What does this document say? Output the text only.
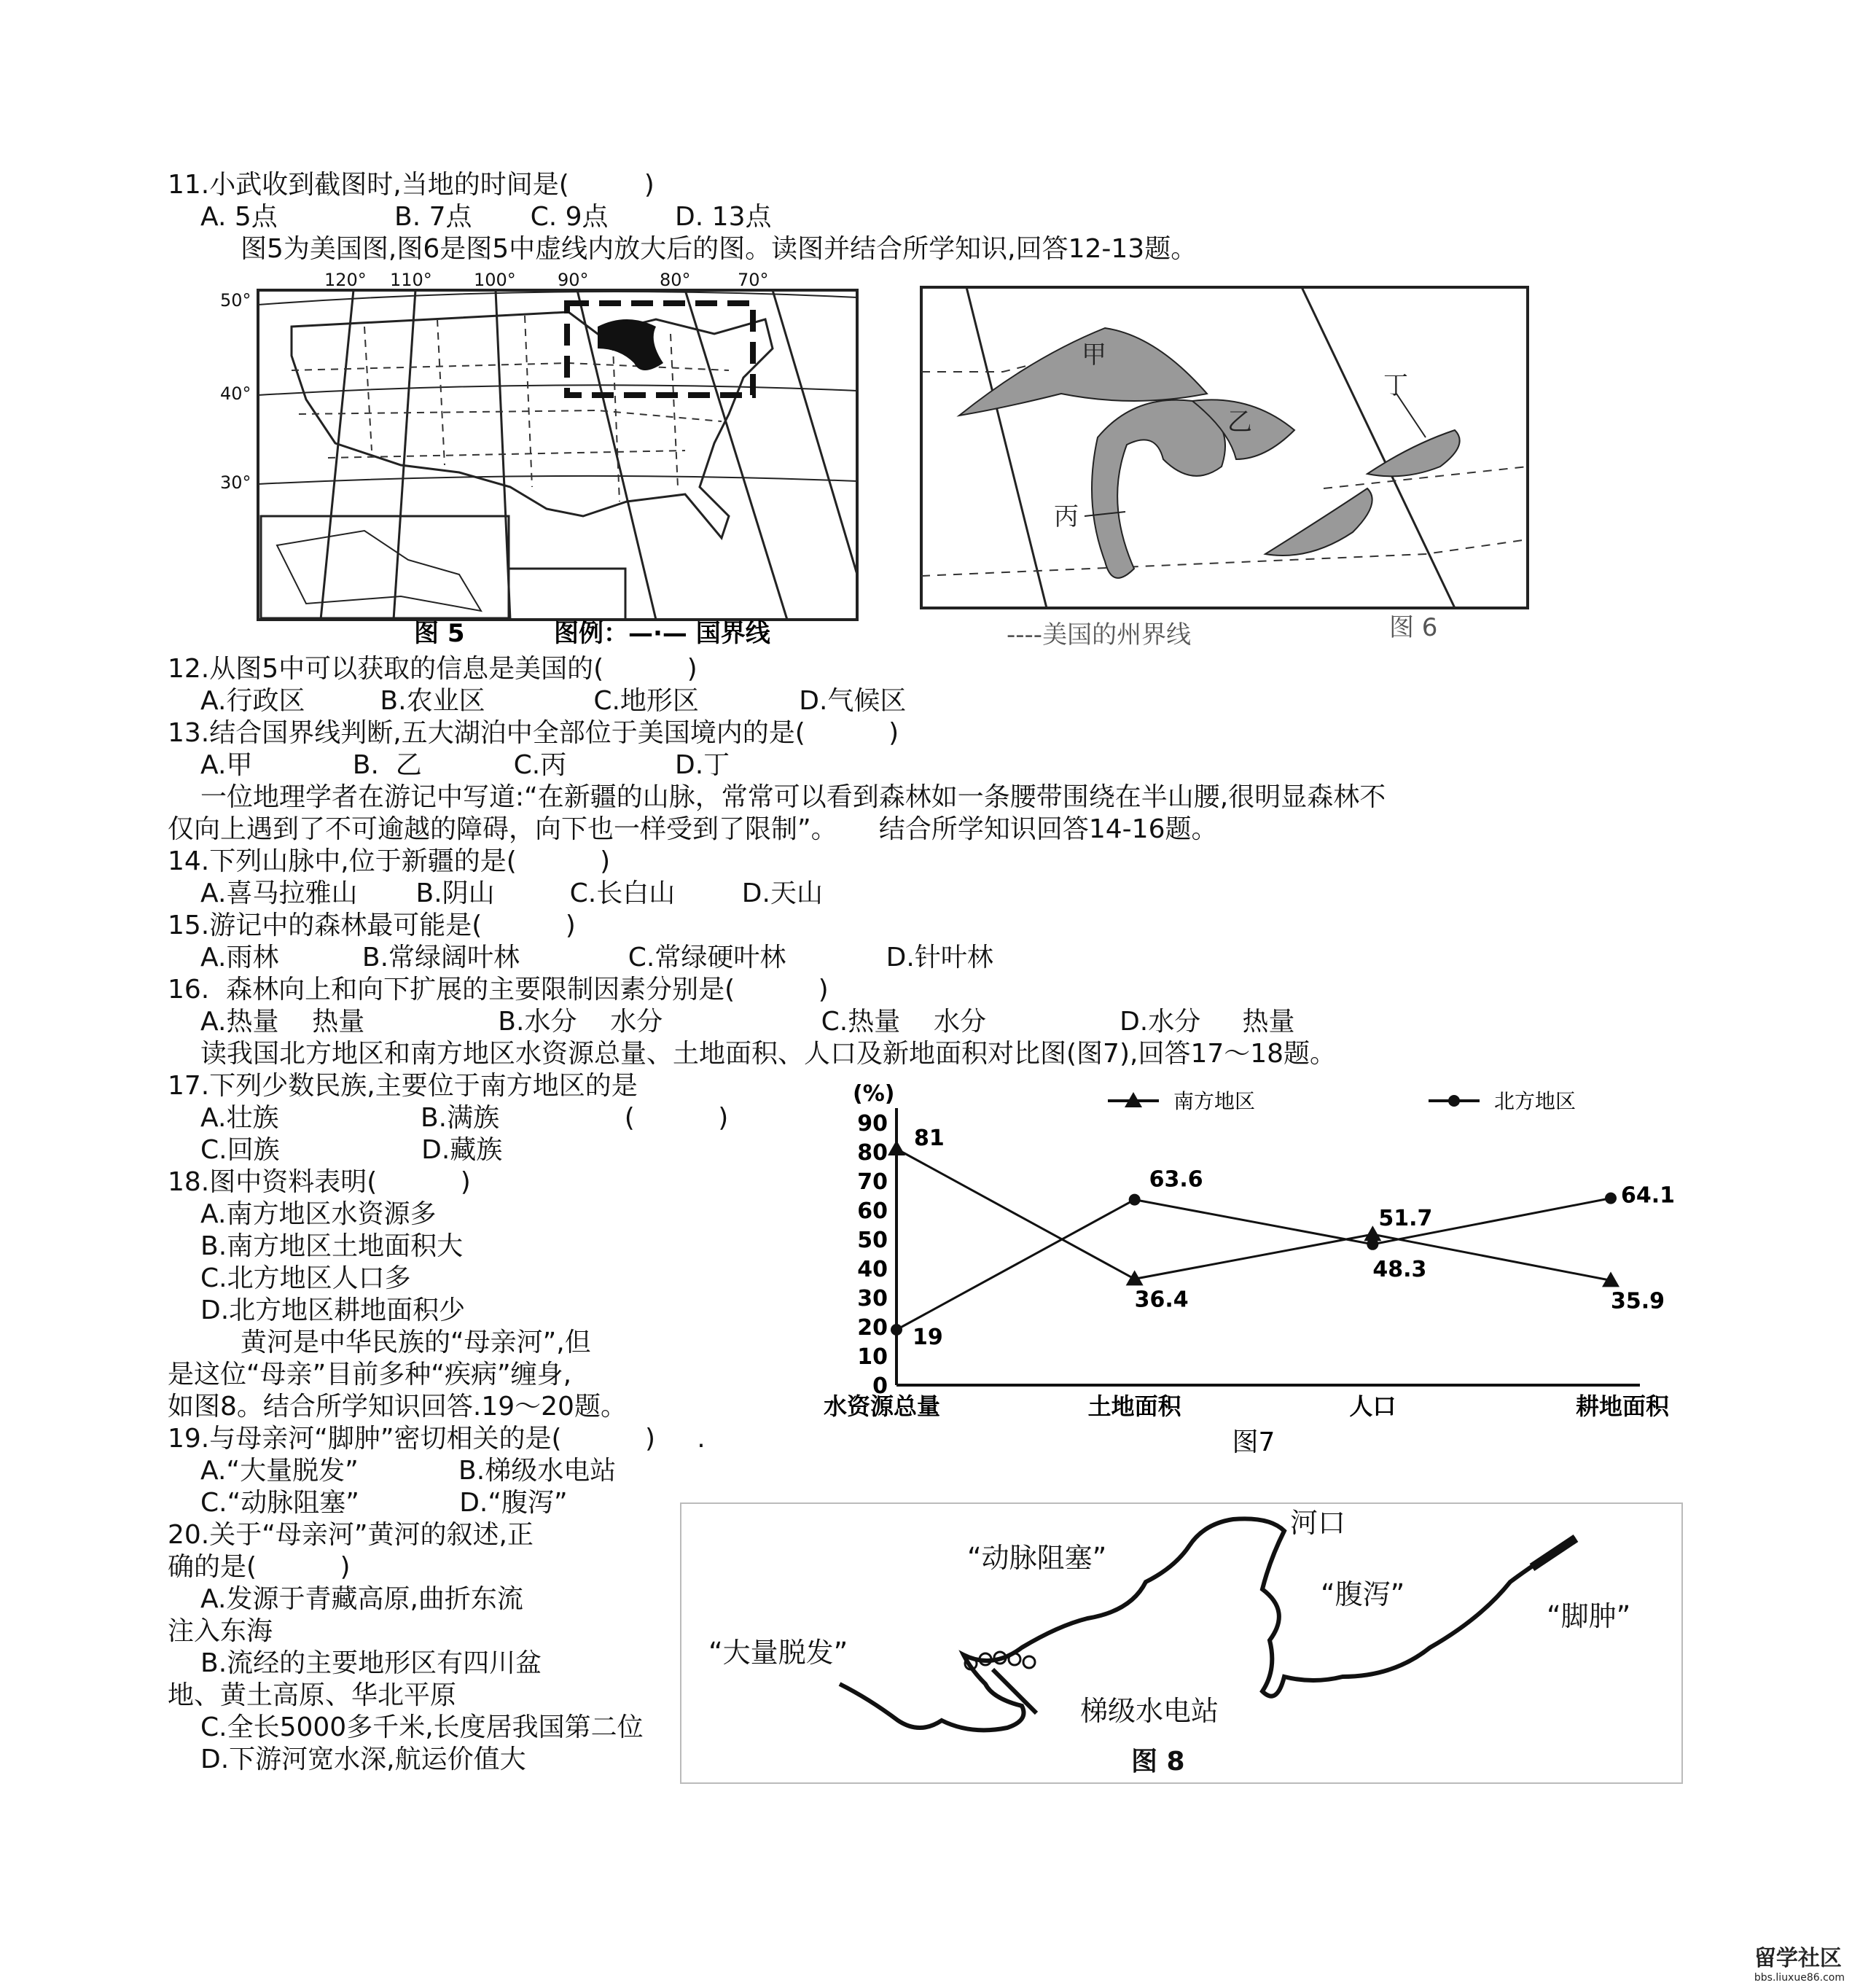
11.小武收到截图时,当地的时间是(         )
A. 5点              B. 7点       C. 9点        D. 13点
图5为美国图,图6是图5中虚线内放大后的图。读图并结合所学知识,回答12-13题。
120° 110° 100° 90°	80°	70°
50°
40°
30°
图 5	图例：—·— 国界线
甲
乙
丙
丁
----美国的州界线	图 6
12.从图5中可以获取的信息是美国的(          )
A.行政区         B.农业区             C.地形区            D.气候区
13.结合国界线判断,五大湖泊中全部位于美国境内的是(          )
A.甲            B.  乙           C.丙             D.丁
一位地理学者在游记中写道:“在新疆的山脉，常常可以看到森林如一条腰带围绕在半山腰,很明显森林不
仅向上遇到了不可逾越的障碍，向下也一样受到了限制”。     结合所学知识回答14-16题。
14.下列山脉中,位于新疆的是(          )
A.喜马拉雅山       B.阴山         C.长白山        D.天山
15.游记中的森林最可能是(          )
A.雨林          B.常绿阔叶林             C.常绿硬叶林            D.针叶林
16.  森林向上和向下扩展的主要限制因素分别是(          )
A.热量    热量                B.水分    水分                   C.热量    水分                D.水分     热量
读我国北方地区和南方地区水资源总量、土地面积、人口及新地面积对比图(图7),回答17～18题。
17.下列少数民族,主要位于南方地区的是
A.壮族                 B.满族               (          )
C.回族                 D.藏族
18.图中资料表明(          )
A.南方地区水资源多
B.南方地区土地面积大
C.北方地区人口多
D.北方地区耕地面积少
黄河是中华民族的“母亲河”,但
是这位“母亲”目前多种“疾病”缠身,
如图8。结合所学知识回答.19～20题。
19.与母亲河“脚肿”密切相关的是(          )     .
A.“大量脱发”            B.梯级水电站
C.“动脉阻塞”            D.“腹泻”
20.关于“母亲河”黄河的叙述,正
确的是(          )
A.发源于青藏高原,曲折东流
注入东海
B.流经的主要地形区有四川盆
地、黄土高原、华北平原
C.全长5000多千米,长度居我国第二位
D.下游河宽水深,航运价值大
(%)
0
10
20
30
40
50
60
70
80
90
水资源总量	土地面积	人口	耕地面积
81
36.4
51.7
35.9
南方地区
19
63.6
48.3
64.1
北方地区
图7
河口
“动脉阻塞”
“腹泻”
“脚肿”
“大量脱发”
梯级水电站
图 8
留学社区
bbs.liuxue86.com
